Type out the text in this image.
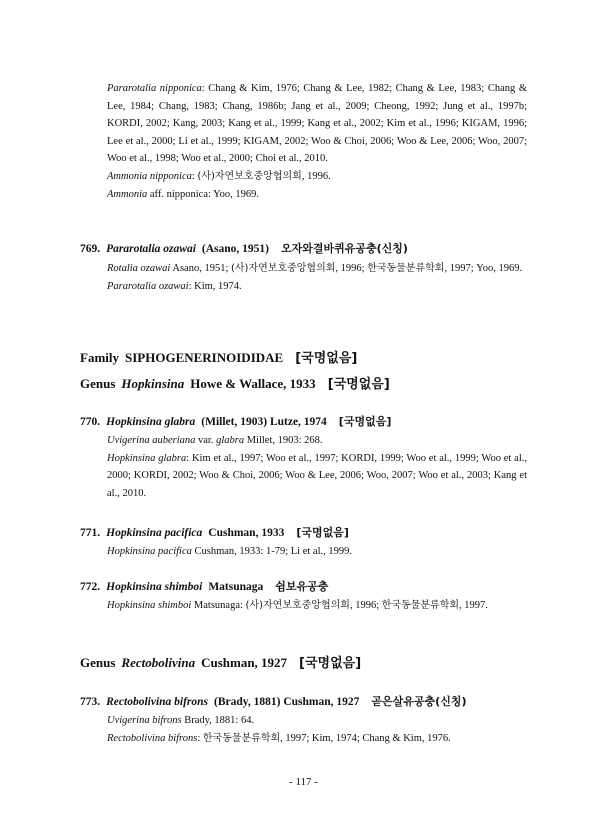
Pararotalia nipponica: Chang & Kim, 1976; Chang & Lee, 1982; Chang & Lee, 1983; Chang & Lee, 1984; Chang, 1983; Chang, 1986b; Jang et al., 2009; Cheong, 1992; Jung et al., 1997b; KORDI, 2002; Kang, 2003; Kang et al., 1999; Kang et al., 2002; Kim et al., 1996; KIGAM, 1996; Lee et al., 2000; Li et al., 1999; KIGAM, 2002; Woo & Choi, 2006; Woo & Lee, 2006; Woo, 2007; Woo et al., 1998; Woo et al., 2000; Choi et al., 2010.

Ammonia nipponica: (사)자연보호중앙협의회, 1996.

Ammonia aff. nipponica: Yoo, 1969.

769. Pararotalia ozawai (Asano, 1951) 오자와결바퀴유공충(신칭)

Rotalia ozawai Asano, 1951; (사)자연보호중앙협의회, 1996; 한국동물분류학회, 1997; Yoo, 1969.

Pararotalia ozawai: Kim, 1974.

Family SIPHOGENERINOIDIDAE [국명없음]
Genus Hopkinsina Howe & Wallace, 1933 [국명없음]
770. Hopkinsina glabra (Millet, 1903) Lutze, 1974 [국명없음]

Uvigerina auberiana var. glabra Millet, 1903: 268.

Hopkinsina glabra: Kim et al., 1997; Woo et al., 1997; KORDI, 1999; Woo et al., 1999; Woo et al., 2000; KORDI, 2002; Woo & Choi, 2006; Woo & Lee, 2006; Woo, 2007; Woo et al., 2003; Kang et al., 2010.

771. Hopkinsina pacifica Cushman, 1933 [국명없음]

Hopkinsina pacifica Cushman, 1933: 1-79; Li et al., 1999.

772. Hopkinsina shimboi Matsunaga 쉼보유공충

Hopkinsina shimboi Matsunaga: (사)자연보호중앙협의회, 1996; 한국동물분류학회, 1997.

Genus Rectobolivina Cushman, 1927 [국명없음]
773. Rectobolivina bifrons (Brady, 1881) Cushman, 1927 곧은살유공충(신칭)

Uvigerina bifrons Brady, 1881: 64.

Rectobolivina bifrons: 한국동물분류학회, 1997; Kim, 1974; Chang & Kim, 1976.

- 117 -
